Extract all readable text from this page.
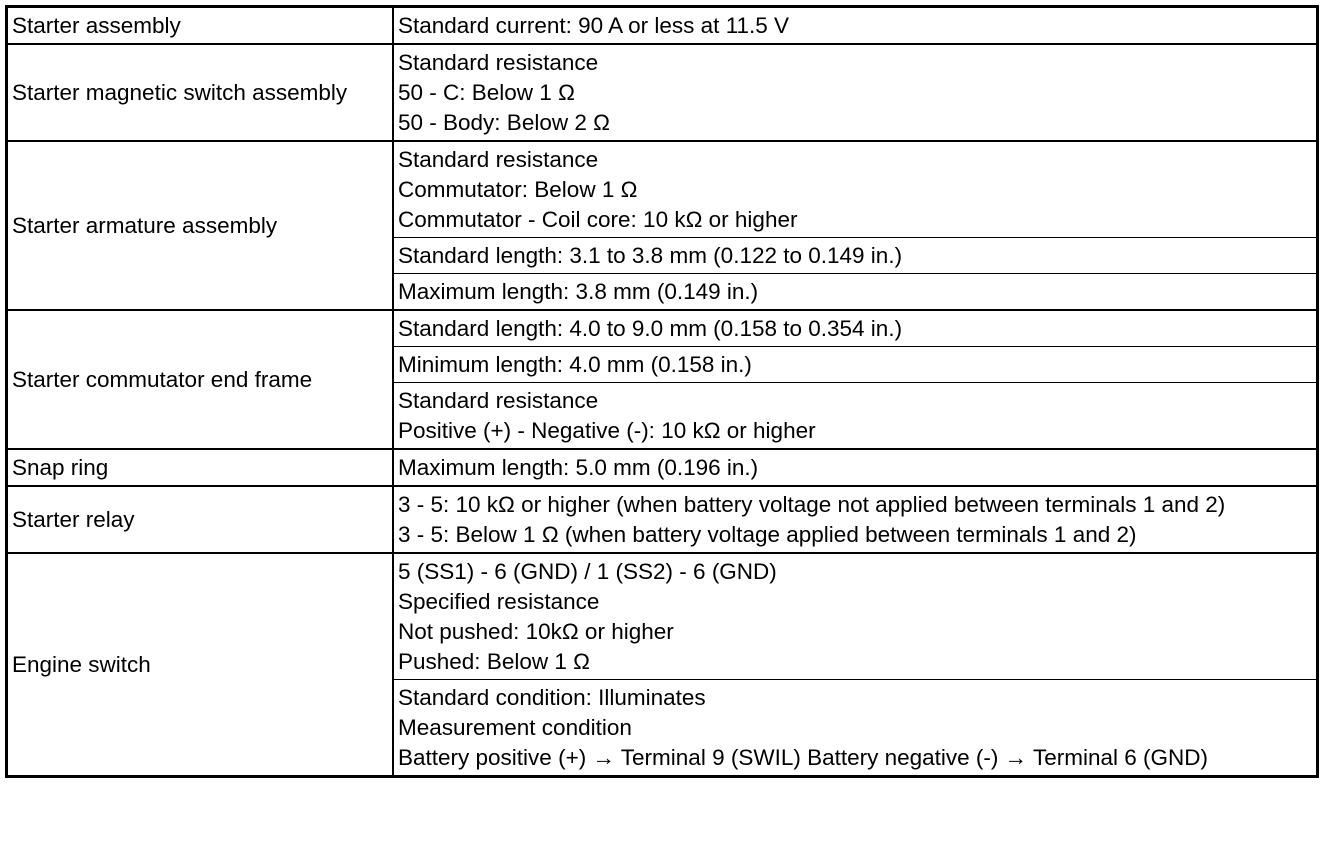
Starter assembly	Standard current: 90 A or less at 11.5 V

Starter magnetic switch assembly	Standard resistance
50 - C: Below 1 Ω
50 - Body: Below 2 Ω

Starter armature assembly	Standard resistance
Commutator: Below 1 Ω
Commutator - Coil core: 10 kΩ or higher

	Standard length: 3.1 to 3.8 mm (0.122 to 0.149 in.)

	Maximum length: 3.8 mm (0.149 in.)

Starter commutator end frame	Standard length: 4.0 to 9.0 mm (0.158 to 0.354 in.)

	Minimum length: 4.0 mm (0.158 in.)

	Standard resistance
Positive (+) - Negative (-): 10 kΩ or higher

Snap ring	Maximum length: 5.0 mm (0.196 in.)

Starter relay	3 - 5: 10 kΩ or higher (when battery voltage not applied between terminals 1 and 2)
3 - 5: Below 1 Ω (when battery voltage applied between terminals 1 and 2)

Engine switch	5 (SS1) - 6 (GND) / 1 (SS2) - 6 (GND)
Specified resistance
Not pushed: 10kΩ or higher
Pushed: Below 1 Ω

	Standard condition: Illuminates
Measurement condition
Battery positive (+) → Terminal 9 (SWIL) Battery negative (-) → Terminal 6 (GND)
